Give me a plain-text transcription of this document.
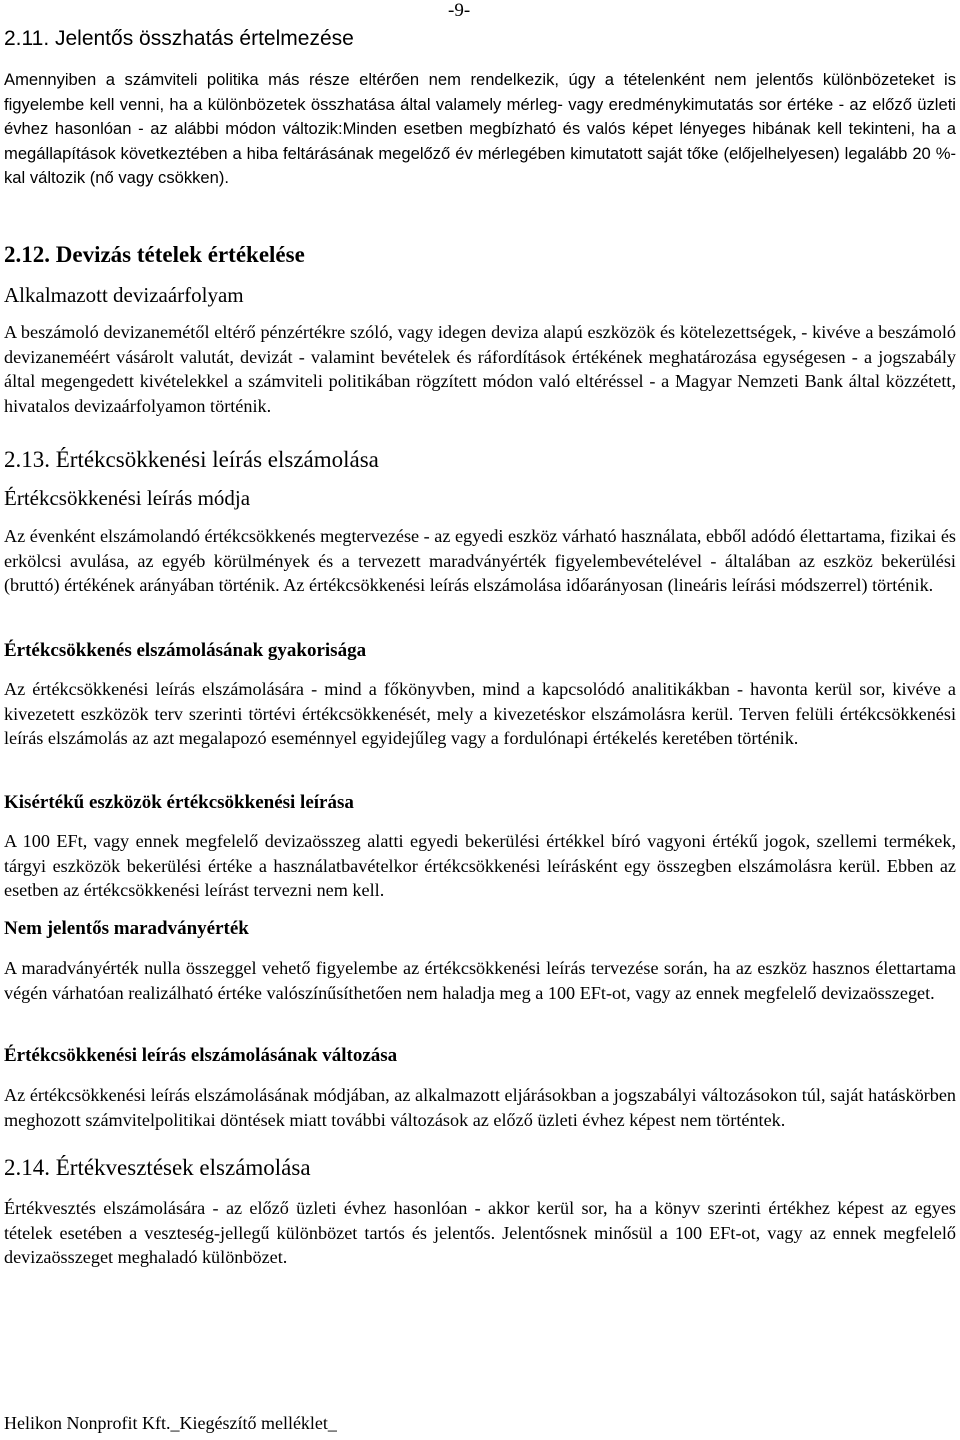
-9-
2.11. Jelentős összhatás értelmezése

Amennyiben a számviteli politika más része eltérően nem rendelkezik, úgy a tételenként nem jelentős különbözeteket is figyelembe kell venni, ha a különbözetek összhatása által valamely mérleg- vagy eredménykimutatás sor értéke - az előző üzleti évhez hasonlóan - az alábbi módon változik:Minden esetben megbízható és valós képet lényeges hibának kell tekinteni, ha a megállapítások következtében a hiba feltárásának megelőző év mérlegében kimutatott saját tőke (előjelhelyesen) legalább 20 %-kal változik (nő vagy csökken).

2.12. Devizás tételek értékelése
Alkalmazott devizaárfolyam

A beszámoló devizanemétől eltérő pénzértékre szóló, vagy idegen deviza alapú eszközök és kötelezettségek, - kivéve a beszámoló devizaneméért vásárolt valutát, devizát - valamint bevételek és ráfordítások értékének meghatározása egységesen - a jogszabály által megengedett kivételekkel a számviteli politikában rögzített módon való eltéréssel - a Magyar Nemzeti Bank által közzétett, hivatalos devizaárfolyamon történik.

2.13. Értékcsökkenési leírás elszámolása
Értékcsökkenési leírás módja

Az évenként elszámolandó értékcsökkenés megtervezése - az egyedi eszköz várható használata, ebből adódó élettartama, fizikai és erkölcsi avulása, az egyéb körülmények és a tervezett maradványérték figyelembevételével - általában az eszköz bekerülési (bruttó) értékének arányában történik. Az értékcsökkenési leírás elszámolása időarányosan (lineáris leírási módszerrel) történik.

Értékcsökkenés elszámolásának gyakorisága

Az értékcsökkenési leírás elszámolására - mind a főkönyvben, mind a kapcsolódó analitikákban - havonta kerül sor, kivéve a kivezetett eszközök terv szerinti törtévi értékcsökkenését, mely a kivezetéskor elszámolásra kerül. Terven felüli értékcsökkenési leírás elszámolás az azt megalapozó eseménnyel egyidejűleg vagy a fordulónapi értékelés keretében történik.

Kisértékű eszközök értékcsökkenési leírása

A 100 EFt, vagy ennek megfelelő devizaösszeg alatti egyedi bekerülési értékkel bíró vagyoni értékű jogok, szellemi termékek, tárgyi eszközök bekerülési értéke a használatbavételkor értékcsökkenési leírásként egy összegben elszámolásra kerül. Ebben az esetben az értékcsökkenési leírást tervezni nem kell.

Nem jelentős maradványérték

A maradványérték nulla összeggel vehető figyelembe az értékcsökkenési leírás tervezése során, ha az eszköz hasznos élettartama végén várhatóan realizálható értéke valószínűsíthetően nem haladja meg a 100 EFt-ot, vagy az ennek megfelelő devizaösszeget.

Értékcsökkenési leírás elszámolásának változása

Az értékcsökkenési leírás elszámolásának módjában, az alkalmazott eljárásokban a jogszabályi változásokon túl, saját hatáskörben meghozott számvitelpolitikai döntések miatt további változások az előző üzleti évhez képest nem történtek.

2.14. Értékvesztések elszámolása

Értékvesztés elszámolására - az előző üzleti évhez hasonlóan - akkor kerül sor, ha a könyv szerinti értékhez képest az egyes tételek esetében a veszteség-jellegű különbözet tartós és jelentős. Jelentősnek minősül a 100 EFt-ot, vagy az ennek megfelelő devizaösszeget meghaladó különbözet.

Helikon Nonprofit Kft._Kiegészítő melléklet_
